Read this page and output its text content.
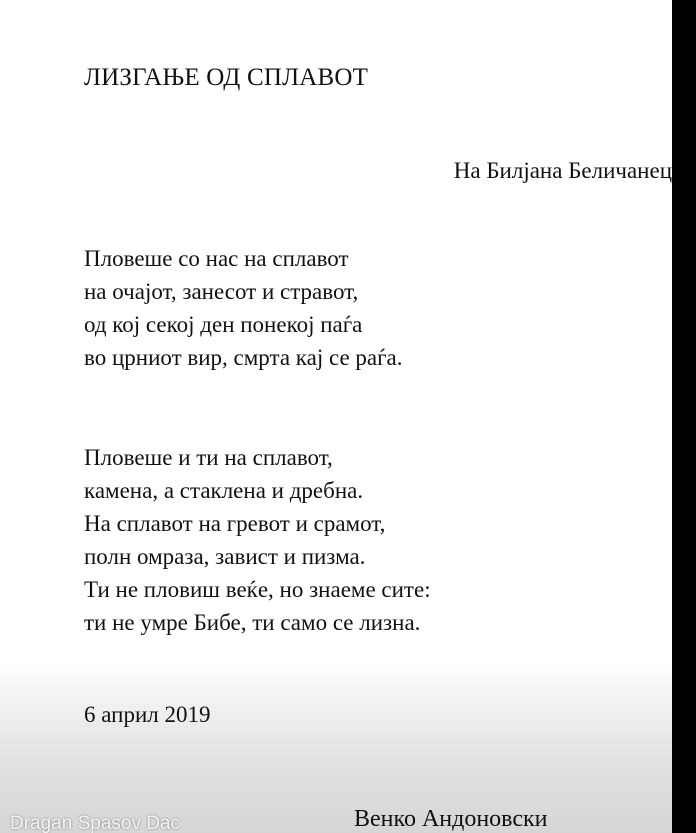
ЛИЗГАЊЕ ОД СПЛАВОТ
На Билјана Беличанец
Пловеше со нас на сплавот
на очајот, занесот и стравот,
од кој секој ден понекој паѓа
во црниот вир, смрта кај се раѓа.
Пловеше и ти на сплавот,
камена, а стаклена и дребна.
На сплавот на гревот и срамот,
полн омраза, завист и пизма.
Ти не пловиш веќе, но знаеме сите:
ти не умре Бибе, ти само се лизна.
6 април 2019
Венко Андоновски
Dragan Spasov Dac
